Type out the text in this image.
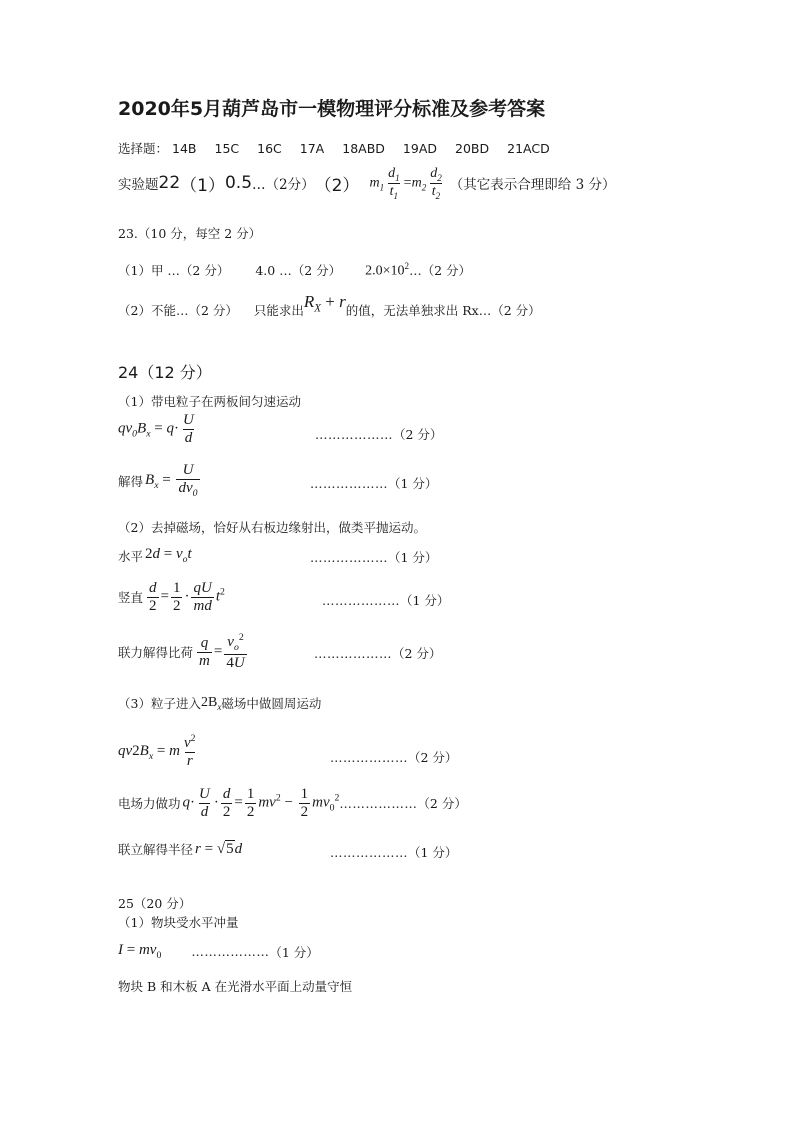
2020年5月葫芦岛市一模物理评分标准及参考答案
选择题： 14B 15C 16C 17A 18ABD 19AD 20BD 21ACD
实验题 22 （1） 0.5 …（2分） （2） $m_1 \frac{d_1}{t_1} =m_2 \frac{d_2}{t_2}$ （其它表示合理即给 3 分）
23.（10 分，每空 2 分）
（1）甲 …（2 分） 4.0 …（2 分） $2.0\times 10^2$ …（2 分）
（2）不能…（2 分） 只能求出 $R_X + r$ 的值，无法单独求出 Rx…（2 分）
24（12 分）
（1）带电粒子在两板间匀速运动
$qv_0B_x = q\cdot \frac{U}{d}$	……………… （2 分）
解得 $B_x = \frac{U}{dv_0}$	……………… （1 分）
（2）去掉磁场，恰好从右板边缘射出，做类平抛运动。
水平 $2d = v_ot$	……………… （1 分）
竖直 $\frac{d}{2} = \frac{1}{2} \cdot \frac{qU}{md} t^2$
……………… （1 分）
联力解得比荷 $\frac{q}{m} = \frac{v_o^2}{4U}$	……………… （2 分）
（3）粒子进入 $2B_x$ 磁场中做圆周运动
$qv2B_x = m \frac{v^2}{r}$	……………… （2 分）
电场力做功 $q\cdot \frac{U}{d} \cdot \frac{d}{2} = \frac{1}{2} mv^2 - \frac{1}{2} mv_0^2$ ……………… （2 分）
联立解得半径 r = √5d	……………… （1 分）
25（20 分）
（1）物块受水平冲量
$I = mv_0$ ……………… （1 分）
物块 B 和木板 A 在光滑水平面上动量守恒
